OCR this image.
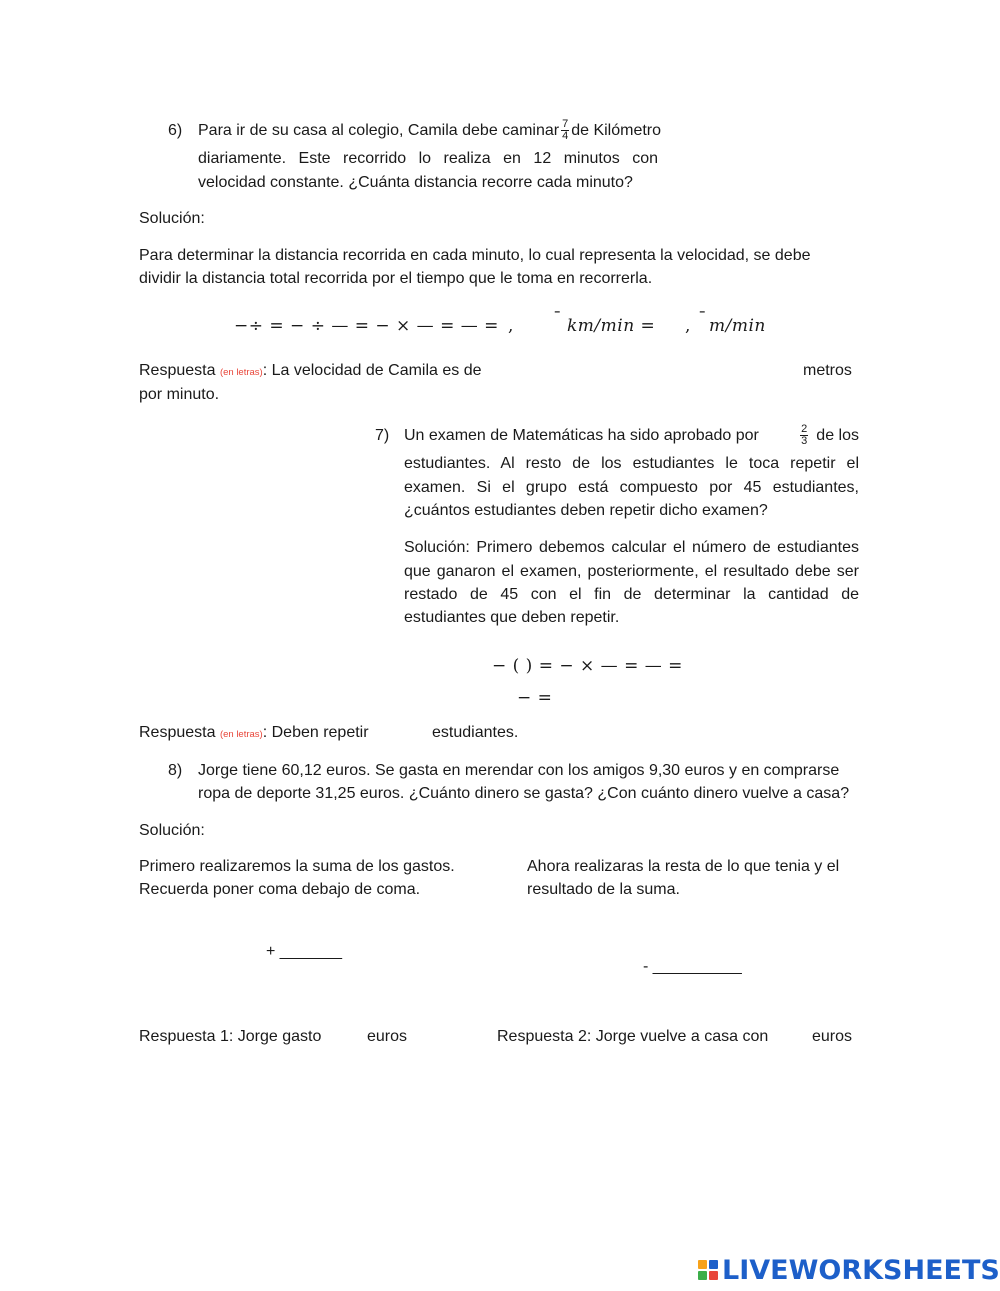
6) Para ir de su casa al colegio, Camila debe caminar $\frac{7}{4}$ de Kilómetro
diariamente. Este recorrido lo realiza en 12 minutos con
velocidad constante. ¿Cuánta distancia recorre cada minuto?
Solución:
Para determinar la distancia recorrida en cada minuto, lo cual representa la velocidad, se debe
dividir la distancia total recorrida por el tiempo que le toma en recorrerla.
−÷ = − ÷ — = − × — = — = , ¯ km/min = , ¯ m/min
Respuesta (en letras): La velocidad de Camila es de	metros
por minuto.
7) Un examen de Matemáticas ha sido aprobado por	$\frac{2}{3}$ de los
estudiantes. Al resto de los estudiantes le toca repetir el
examen. Si el grupo está compuesto por 45 estudiantes,
¿cuántos estudiantes deben repetir dicho examen?
Solución: Primero debemos calcular el número de estudiantes
que ganaron el examen, posteriormente, el resultado debe ser
restado de 45 con el fin de determinar la cantidad de
estudiantes que deben repetir.
− ( ) = − × — = — =
− =
Respuesta (en letras): Deben repetir	estudiantes.
8) Jorge tiene 60,12 euros. Se gasta en merendar con los amigos 9,30 euros y en comprarse
ropa de deporte 31,25 euros. ¿Cuánto dinero se gasta? ¿Con cuánto dinero vuelve a casa?
Solución:
Primero realizaremos la suma de los gastos.
Recuerda poner coma debajo de coma.
Ahora realizaras la resta de lo que tenia y el
resultado de la suma.
+ _______
- __________
Respuesta 1: Jorge gasto	euros	Respuesta 2: Jorge vuelve a casa con	euros
LIVEWORKSHEETS
